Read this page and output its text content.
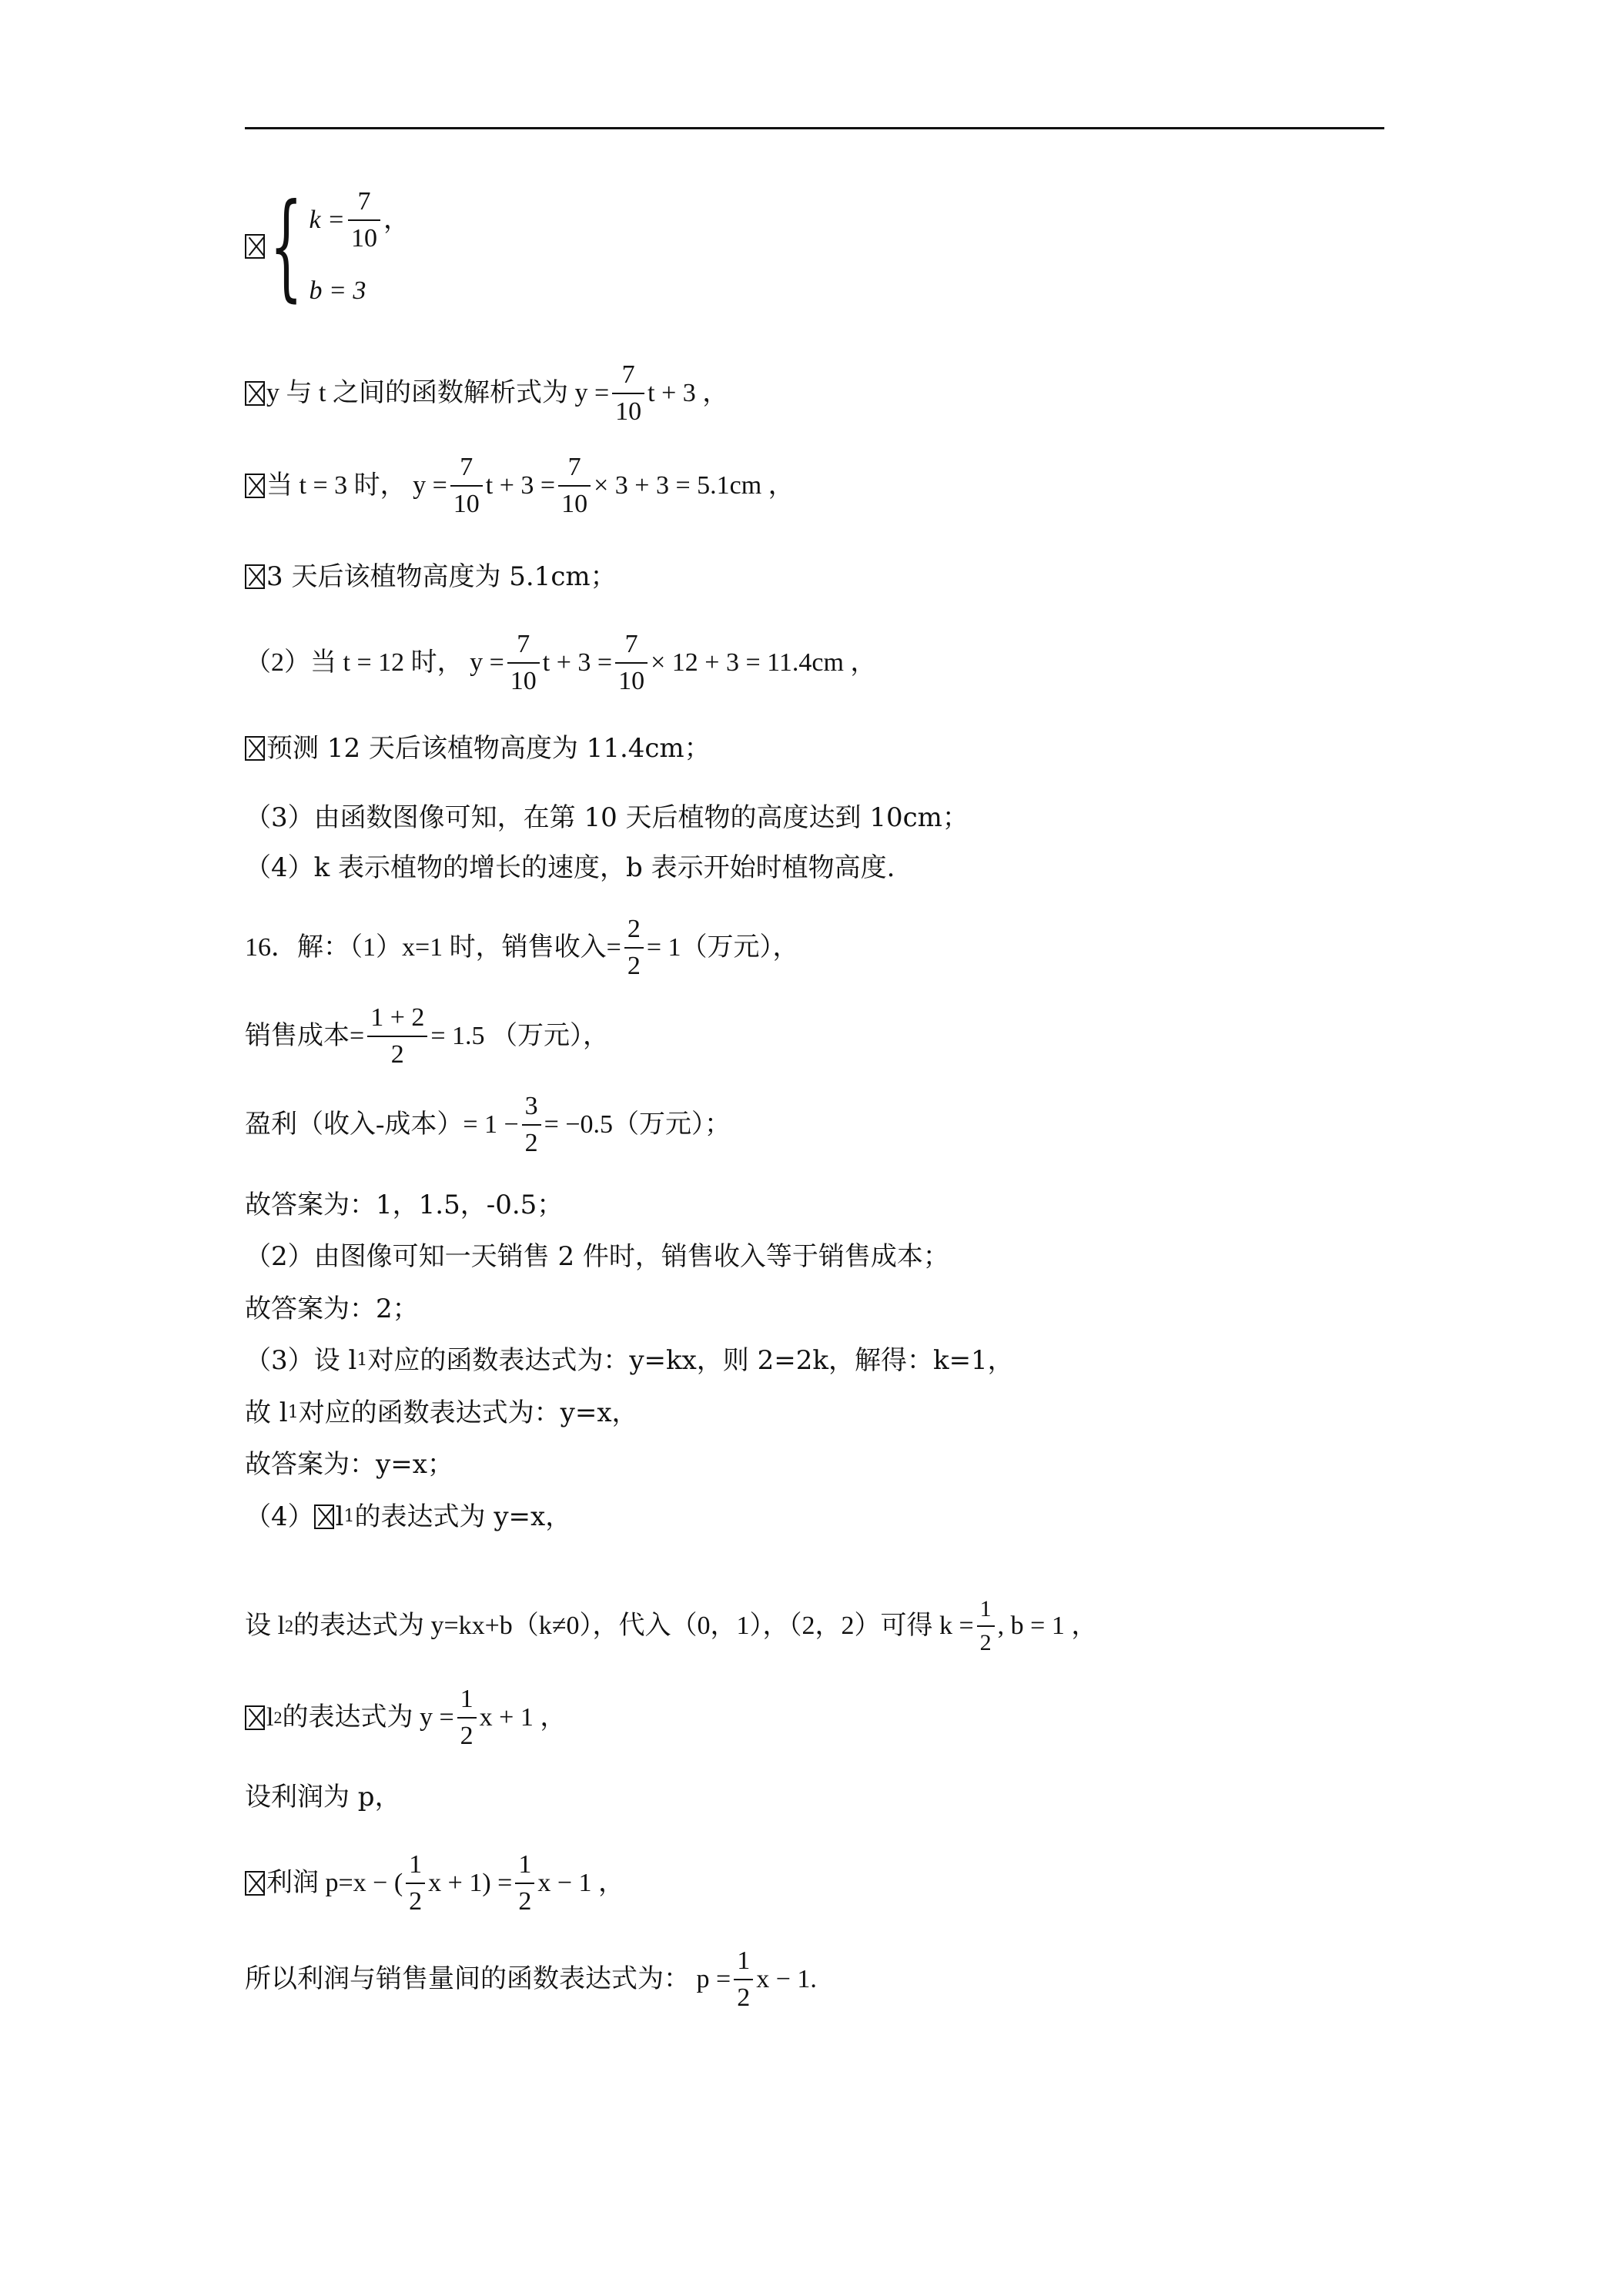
{ $k = \frac{7}{10}$ ，
b = 3
y 与 t 之间的函数解析式为 $y = \frac{7}{10}$ t + 3 ，
当 t = 3 时， $y = \frac{7}{10}$ $t + 3 = \frac{7}{10} \times 3 + 3 = 5.1cm$ ，
3 天后该植物高度为 5.1cm；
（2）当 t = 12 时， $y = \frac{7}{10}$ $t + 3 = \frac{7}{10} \times 12 + 3 = 11.4cm$ ，
预测 12 天后该植物高度为 11.4cm；
（3）由函数图像可知，在第 10 天后植物的高度达到 10cm；
（4）k 表示植物的增长的速度，b 表示开始时植物高度.
16．解：（1）x=1 时，销售收入= $\frac{2}{2} = 1$（万元），
销售成本= $\frac{1 + 2}{2} = 1.5$ （万元），
盈利（收入-成本）= $1 - \frac{3}{2} = -0.5$（万元）；
故答案为：1，1.5，-0.5；
（2）由图像可知一天销售 2 件时，销售收入等于销售成本；
故答案为：2；
（3）设 l 1 对应的函数表达式为：y=kx，则 2=2k，解得：k=1，
故 l 1 对应的函数表达式为：y=x，
故答案为：y=x；
（4） l 1 的表达式为 y=x，
设 l 2 的表达式为 y=kx+b（k≠0），代入（0，1），（2，2）可得 $k = \frac{1}{2}$ , b = 1 ，
l 2 的表达式为 $y = \frac{1}{2}$ x + 1 ，
设利润为 p，
利润 p=x − ( $\frac{1}{2}$ $x + 1) = \frac{1}{2}$ x − 1 ，
所以利润与销售量间的函数表达式为： $p = \frac{1}{2}$ x − 1.
